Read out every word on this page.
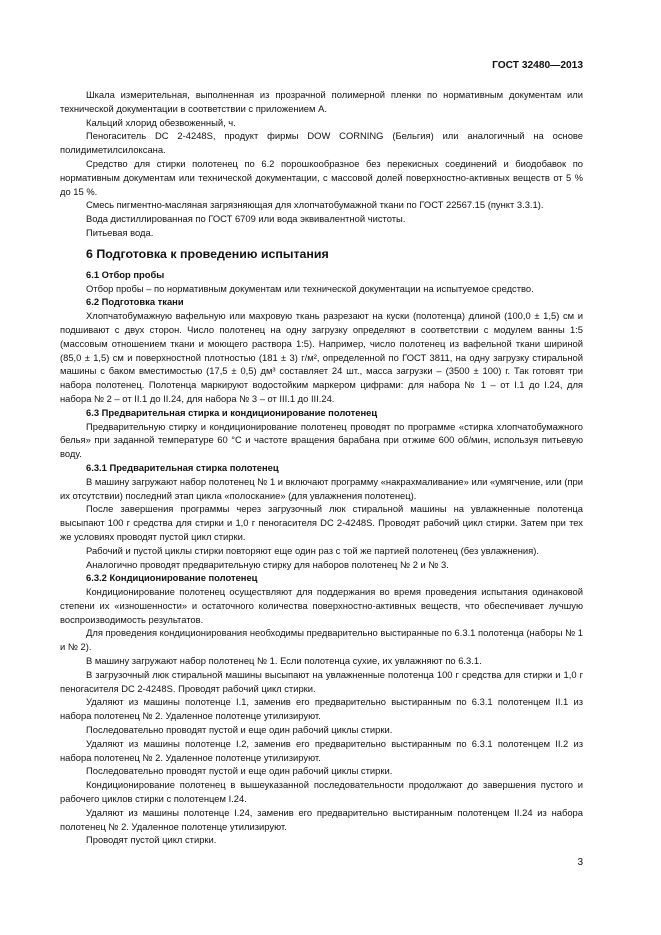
ГОСТ 32480—2013

Шкала измерительная, выполненная из прозрачной полимерной пленки по нормативным документам или технической документации в соответствии с приложением А.

Кальций хлорид обезвоженный, ч.

Пеногаситель DC 2-4248S, продукт фирмы DOW CORNING (Бельгия) или аналогичный на основе полидиметилсилоксана.

Средство для стирки полотенец по 6.2 порошкообразное без перекисных соединений и биодобавок по нормативным документам или технической документации, с массовой долей поверхностно-активных веществ от 5 % до 15 %.

Смесь пигментно-масляная загрязняющая для хлопчатобумажной ткани по ГОСТ 22567.15 (пункт 3.3.1).

Вода дистиллированная по ГОСТ 6709 или вода эквивалентной чистоты.

Питьевая вода.

6 Подготовка к проведению испытания

6.1 Отбор пробы

Отбор пробы – по нормативным документам или технической документации на испытуемое средство.

6.2 Подготовка ткани

Хлопчатобумажную вафельную или махровую ткань разрезают на куски (полотенца) длиной (100,0 ± 1,5) см и подшивают с двух сторон. Число полотенец на одну загрузку определяют в соответствии с модулем ванны 1:5 (массовым отношением ткани и моющего раствора 1:5). Например, число полотенец из вафельной ткани шириной (85,0 ± 1,5) см и поверхностной плотностью (181 ± 3) г/м², определенной по ГОСТ 3811, на одну загрузку стиральной машины с баком вместимостью (17,5 ± 0,5) дм³ составляет 24 шт., масса загрузки – (3500 ± 100) г. Так готовят три набора полотенец. Полотенца маркируют водостойким маркером цифрами: для набора № 1 – от I.1 до I.24, для набора № 2 – от II.1 до II.24, для набора № 3 – от III.1 до III.24.

6.3 Предварительная стирка и кондиционирование полотенец

Предварительную стирку и кондиционирование полотенец проводят по программе «стирка хлопчатобумажного белья» при заданной температуре 60 °С и частоте вращения барабана при отжиме 600 об/мин, используя питьевую воду.

6.3.1 Предварительная стирка полотенец

В машину загружают набор полотенец № 1 и включают программу «накрахмаливание» или «умягчение, или (при их отсутствии) последний этап цикла «полоскание» (для увлажнения полотенец).

После завершения программы через загрузочный люк стиральной машины на увлажненные полотенца высыпают 100 г средства для стирки и 1,0 г пеногасителя DC 2-4248S. Проводят рабочий цикл стирки. Затем при тех же условиях проводят пустой цикл стирки.

Рабочий и пустой циклы стирки повторяют еще один раз с той же партией полотенец (без увлажнения).

Аналогично проводят предварительную стирку для наборов полотенец № 2 и № 3.

6.3.2 Кондиционирование полотенец

Кондиционирование полотенец осуществляют для поддержания во время проведения испытания одинаковой степени их «изношенности» и остаточного количества поверхностно-активных веществ, что обеспечивает лучшую воспроизводимость результатов.

Для проведения кондиционирования необходимы предварительно выстиранные по 6.3.1 полотенца (наборы № 1 и № 2).

В машину загружают набор полотенец № 1. Если полотенца сухие, их увлажняют по 6.3.1.

В загрузочный люк стиральной машины высыпают на увлажненные полотенца 100 г средства для стирки и 1,0 г пеногасителя DC 2-4248S. Проводят рабочий цикл стирки.

Удаляют из машины полотенце I.1, заменив его предварительно выстиранным по 6.3.1 полотенцем II.1 из набора полотенец № 2. Удаленное полотенце утилизируют.

Последовательно проводят пустой и еще один рабочий циклы стирки.

Удаляют из машины полотенце I.2, заменив его предварительно выстиранным по 6.3.1 полотенцем II.2 из набора полотенец № 2. Удаленное полотенце утилизируют.

Последовательно проводят пустой и еще один рабочий циклы стирки.

Кондиционирование полотенец в вышеуказанной последовательности продолжают до завершения пустого и рабочего циклов стирки с полотенцем I.24.

Удаляют из машины полотенце I.24, заменив его предварительно выстиранным полотенцем II.24 из набора полотенец № 2. Удаленное полотенце утилизируют.

Проводят пустой цикл стирки.

3
